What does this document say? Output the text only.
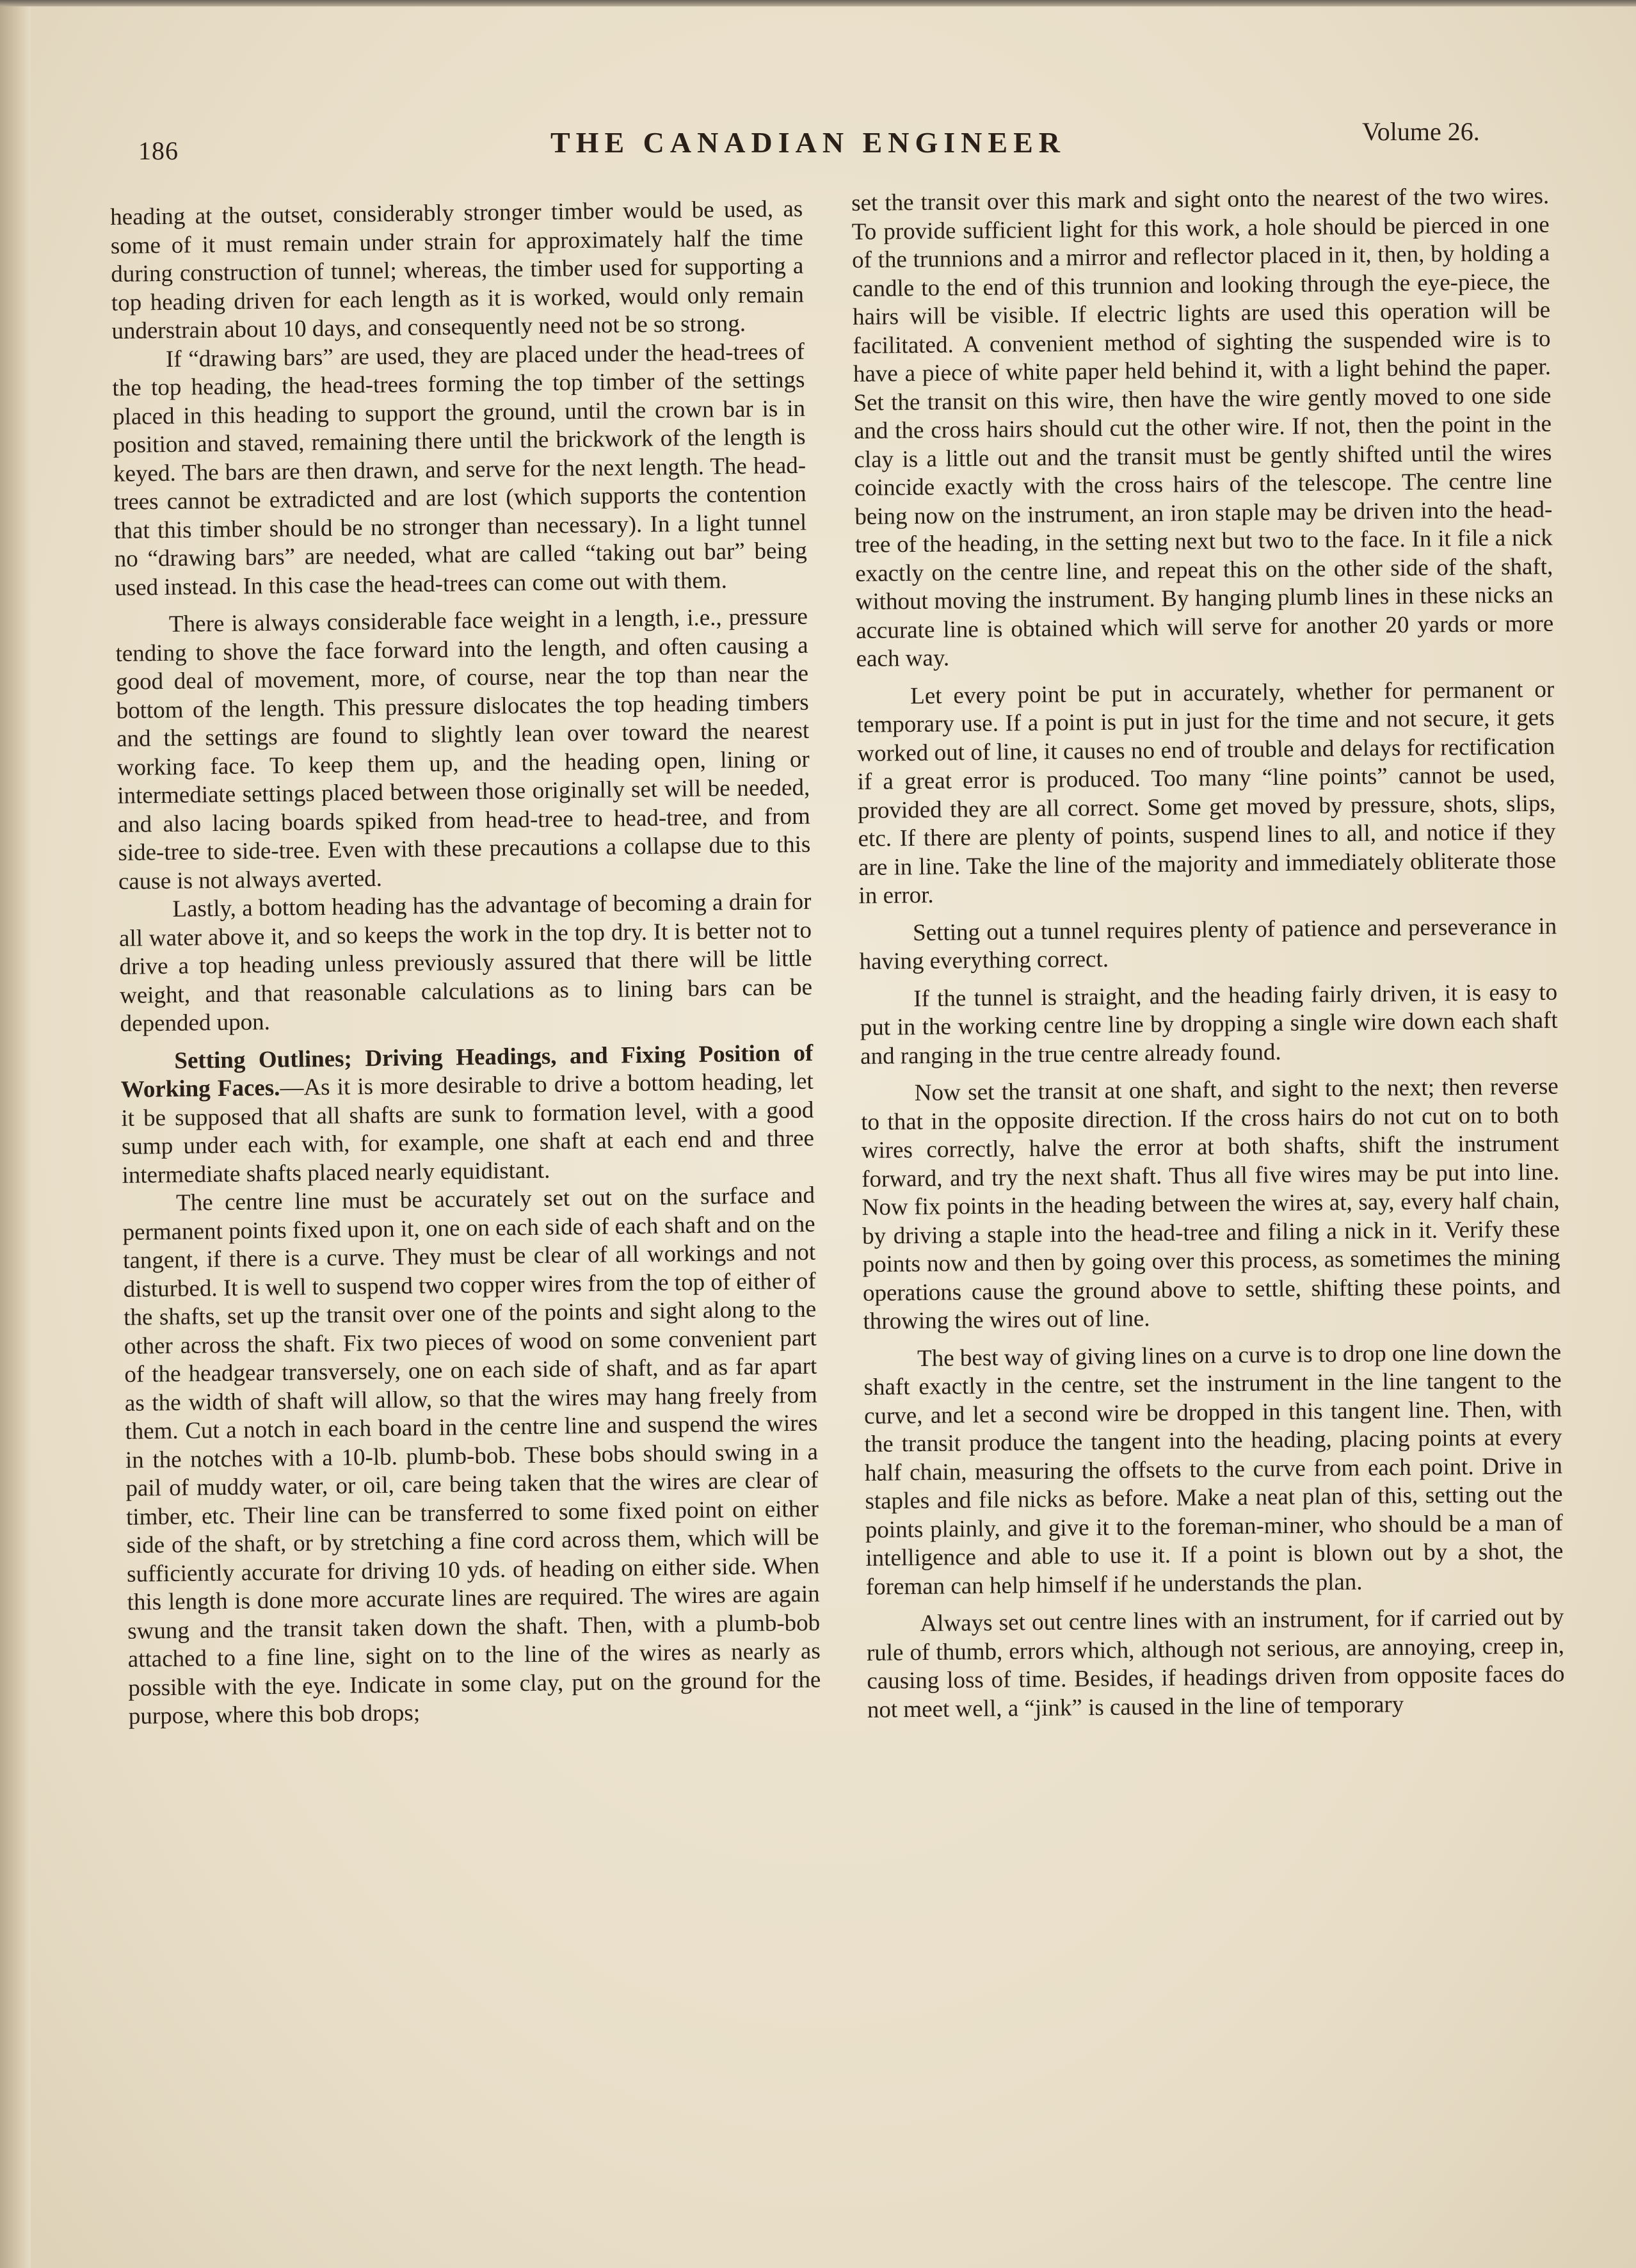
186	THE CANADIAN ENGINEER	Volume 26.

heading at the outset, considerably stronger timber would be used, as some of it must remain under strain for approximately half the time during construction of tunnel; whereas, the timber used for supporting a top heading driven for each length as it is worked, would only remain understrain about 10 days, and consequently need not be so strong.

If “drawing bars” are used, they are placed under the head-trees of the top heading, the head-trees forming the top timber of the settings placed in this heading to support the ground, until the crown bar is in position and staved, remaining there until the brickwork of the length is keyed. The bars are then drawn, and serve for the next length. The head-trees cannot be extradicted and are lost (which supports the contention that this timber should be no stronger than necessary). In a light tunnel no “drawing bars” are needed, what are called “taking out bar” being used instead. In this case the head-trees can come out with them.

There is always considerable face weight in a length, i.e., pressure tending to shove the face forward into the length, and often causing a good deal of movement, more, of course, near the top than near the bottom of the length. This pressure dislocates the top heading timbers and the settings are found to slightly lean over toward the nearest working face. To keep them up, and the heading open, lining or intermediate settings placed between those originally set will be needed, and also lacing boards spiked from head-tree to head-tree, and from side-tree to side-tree. Even with these precautions a collapse due to this cause is not always averted.

Lastly, a bottom heading has the advantage of becoming a drain for all water above it, and so keeps the work in the top dry. It is better not to drive a top heading unless previously assured that there will be little weight, and that reasonable calculations as to lining bars can be depended upon.

Setting Outlines; Driving Headings, and Fixing Position of Working Faces.—As it is more desirable to drive a bottom heading, let it be supposed that all shafts are sunk to formation level, with a good sump under each with, for example, one shaft at each end and three intermediate shafts placed nearly equidistant.

The centre line must be accurately set out on the surface and permanent points fixed upon it, one on each side of each shaft and on the tangent, if there is a curve. They must be clear of all workings and not disturbed. It is well to suspend two copper wires from the top of either of the shafts, set up the transit over one of the points and sight along to the other across the shaft. Fix two pieces of wood on some convenient part of the headgear transversely, one on each side of shaft, and as far apart as the width of shaft will allow, so that the wires may hang freely from them. Cut a notch in each board in the centre line and suspend the wires in the notches with a 10-lb. plumb-bob. These bobs should swing in a pail of muddy water, or oil, care being taken that the wires are clear of timber, etc. Their line can be transferred to some fixed point on either side of the shaft, or by stretching a fine cord across them, which will be sufficiently accurate for driving 10 yds. of heading on either side. When this length is done more accurate lines are required. The wires are again swung and the transit taken down the shaft. Then, with a plumb-bob attached to a fine line, sight on to the line of the wires as nearly as possible with the eye. Indicate in some clay, put on the ground for the purpose, where this bob drops;

set the transit over this mark and sight onto the nearest of the two wires. To provide sufficient light for this work, a hole should be pierced in one of the trunnions and a mirror and reflector placed in it, then, by holding a candle to the end of this trunnion and looking through the eye-piece, the hairs will be visible. If electric lights are used this operation will be facilitated. A convenient method of sighting the suspended wire is to have a piece of white paper held behind it, with a light behind the paper. Set the transit on this wire, then have the wire gently moved to one side and the cross hairs should cut the other wire. If not, then the point in the clay is a little out and the transit must be gently shifted until the wires coincide exactly with the cross hairs of the telescope. The centre line being now on the instrument, an iron staple may be driven into the head-tree of the heading, in the setting next but two to the face. In it file a nick exactly on the centre line, and repeat this on the other side of the shaft, without moving the instrument. By hanging plumb lines in these nicks an accurate line is obtained which will serve for another 20 yards or more each way.

Let every point be put in accurately, whether for permanent or temporary use. If a point is put in just for the time and not secure, it gets worked out of line, it causes no end of trouble and delays for rectification if a great error is produced. Too many “line points” cannot be used, provided they are all correct. Some get moved by pressure, shots, slips, etc. If there are plenty of points, suspend lines to all, and notice if they are in line. Take the line of the majority and immediately obliterate those in error.

Setting out a tunnel requires plenty of patience and perseverance in having everything correct.

If the tunnel is straight, and the heading fairly driven, it is easy to put in the working centre line by dropping a single wire down each shaft and ranging in the true centre already found.

Now set the transit at one shaft, and sight to the next; then reverse to that in the opposite direction. If the cross hairs do not cut on to both wires correctly, halve the error at both shafts, shift the instrument forward, and try the next shaft. Thus all five wires may be put into line. Now fix points in the heading between the wires at, say, every half chain, by driving a staple into the head-tree and filing a nick in it. Verify these points now and then by going over this process, as sometimes the mining operations cause the ground above to settle, shifting these points, and throwing the wires out of line.

The best way of giving lines on a curve is to drop one line down the shaft exactly in the centre, set the instrument in the line tangent to the curve, and let a second wire be dropped in this tangent line. Then, with the transit produce the tangent into the heading, placing points at every half chain, measuring the offsets to the curve from each point. Drive in staples and file nicks as before. Make a neat plan of this, setting out the points plainly, and give it to the foreman-miner, who should be a man of intelligence and able to use it. If a point is blown out by a shot, the foreman can help himself if he understands the plan.

Always set out centre lines with an instrument, for if carried out by rule of thumb, errors which, although not serious, are annoying, creep in, causing loss of time. Besides, if headings driven from opposite faces do not meet well, a “jink” is caused in the line of temporary
